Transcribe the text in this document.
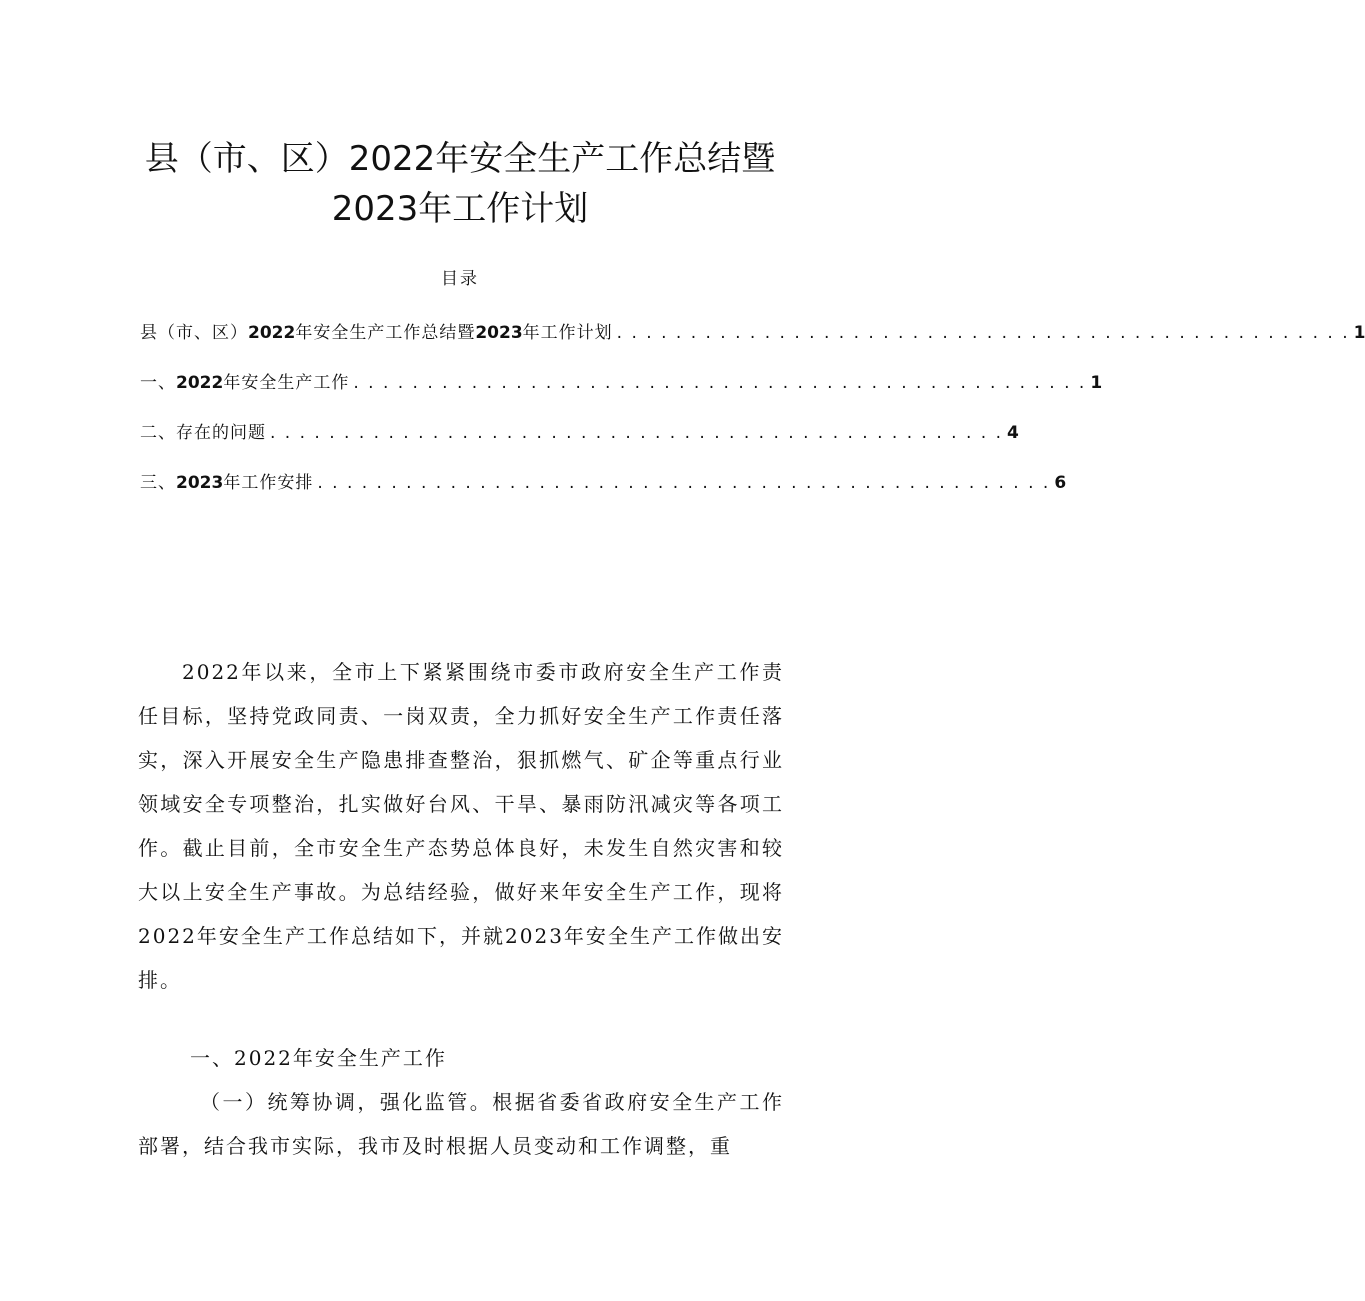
县（市、区）2022年安全生产工作总结暨
2023年工作计划
目录
县（市、区）2022年安全生产工作总结暨2023年工作计划 . . . . . . . . . . . . . . . . . . . . . . . . . . . . . . . . . . . . . . . . . . . . . . . . . . 1
一、2022年安全生产工作 . . . . . . . . . . . . . . . . . . . . . . . . . . . . . . . . . . . . . . . . . . . . . . . . . . 1
二、存在的问题 . . . . . . . . . . . . . . . . . . . . . . . . . . . . . . . . . . . . . . . . . . . . . . . . . . 4
三、2023年工作安排 . . . . . . . . . . . . . . . . . . . . . . . . . . . . . . . . . . . . . . . . . . . . . . . . . . 6

2022年以来，全市上下紧紧围绕市委市政府安全生产工作责任目标，坚持党政同责、一岗双责，全力抓好安全生产工作责任落实，深入开展安全生产隐患排查整治，狠抓燃气、矿企等重点行业领域安全专项整治，扎实做好台风、干旱、暴雨防汛减灾等各项工作。截止目前，全市安全生产态势总体良好，未发生自然灾害和较大以上安全生产事故。为总结经验，做好来年安全生产工作，现将2022年安全生产工作总结如下，并就2023年安全生产工作做出安排。

一、2022年安全生产工作

（一）统筹协调，强化监管。根据省委省政府安全生产工作部署，结合我市实际，我市及时根据人员变动和工作调整，重
